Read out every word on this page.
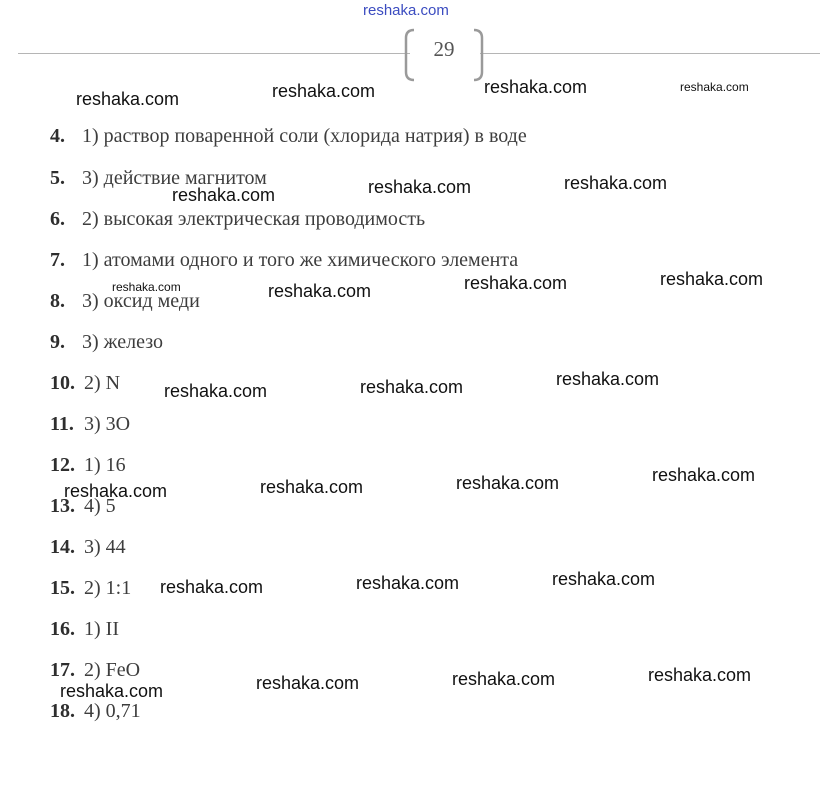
reshaka.com
29
4. 1) раствор поваренной соли (хлорида натрия) в воде
5. 3) действие магнитом
6. 2) высокая электрическая проводимость
7. 1) атомами одного и того же химического элемента
8. 3) оксид меди
9. 3) железо
10. 2) N
11. 3) 3O
12. 1) 16
13. 4) 5
14. 3) 44
15. 2) 1:1
16. 1) II
17. 2) FeO
18. 4) 0,71
reshaka.com	reshaka.com	reshaka.com	reshaka.com
reshaka.com	reshaka.com	reshaka.com
reshaka.com	reshaka.com	reshaka.com	reshaka.com
reshaka.com	reshaka.com	reshaka.com
reshaka.com	reshaka.com	reshaka.com	reshaka.com
reshaka.com	reshaka.com	reshaka.com
reshaka.com	reshaka.com	reshaka.com	reshaka.com
